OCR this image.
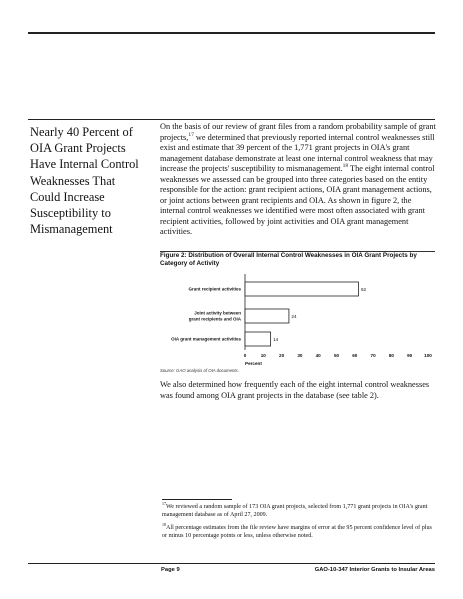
Nearly 40 Percent of OIA Grant Projects Have Internal Control Weaknesses That Could Increase Susceptibility to Mismanagement
On the basis of our review of grant files from a random probability sample of grant projects,$^{17}$ we determined that previously reported internal control weaknesses still exist and estimate that 39 percent of the 1,771 grant projects in OIA's grant management database demonstrate at least one internal control weakness that may increase the projects' susceptibility to mismanagement.$^{18}$ The eight internal control weaknesses we assessed can be grouped into three categories based on the entity responsible for the action: grant recipient actions, OIA grant management actions, or joint actions between grant recipients and OIA. As shown in figure 2, the internal control weaknesses we identified were most often associated with grant recipient activities, followed by joint activities and OIA grant management activities.
Figure 2: Distribution of Overall Internal Control Weaknesses in OIA Grant Projects by Category of Activity
62
Grant recipient activities
24
Joint activity between
grant recipients and OIA
14
OIA grant management activities
0	10	20	30	40	50	60	70	80	90	100
Percent
Source: GAO analysis of OIA documents.
We also determined how frequently each of the eight internal control weaknesses was found among OIA grant projects in the database (see table 2).

$^{17}$We reviewed a random sample of 173 OIA grant projects, selected from 1,771 grant projects in OIA's grant management database as of April 27, 2009.

$^{18}$All percentage estimates from the file review have margins of error at the 95 percent confidence level of plus or minus 10 percentage points or less, unless otherwise noted.

Page 9	GAO-10-347 Interior Grants to Insular Areas
